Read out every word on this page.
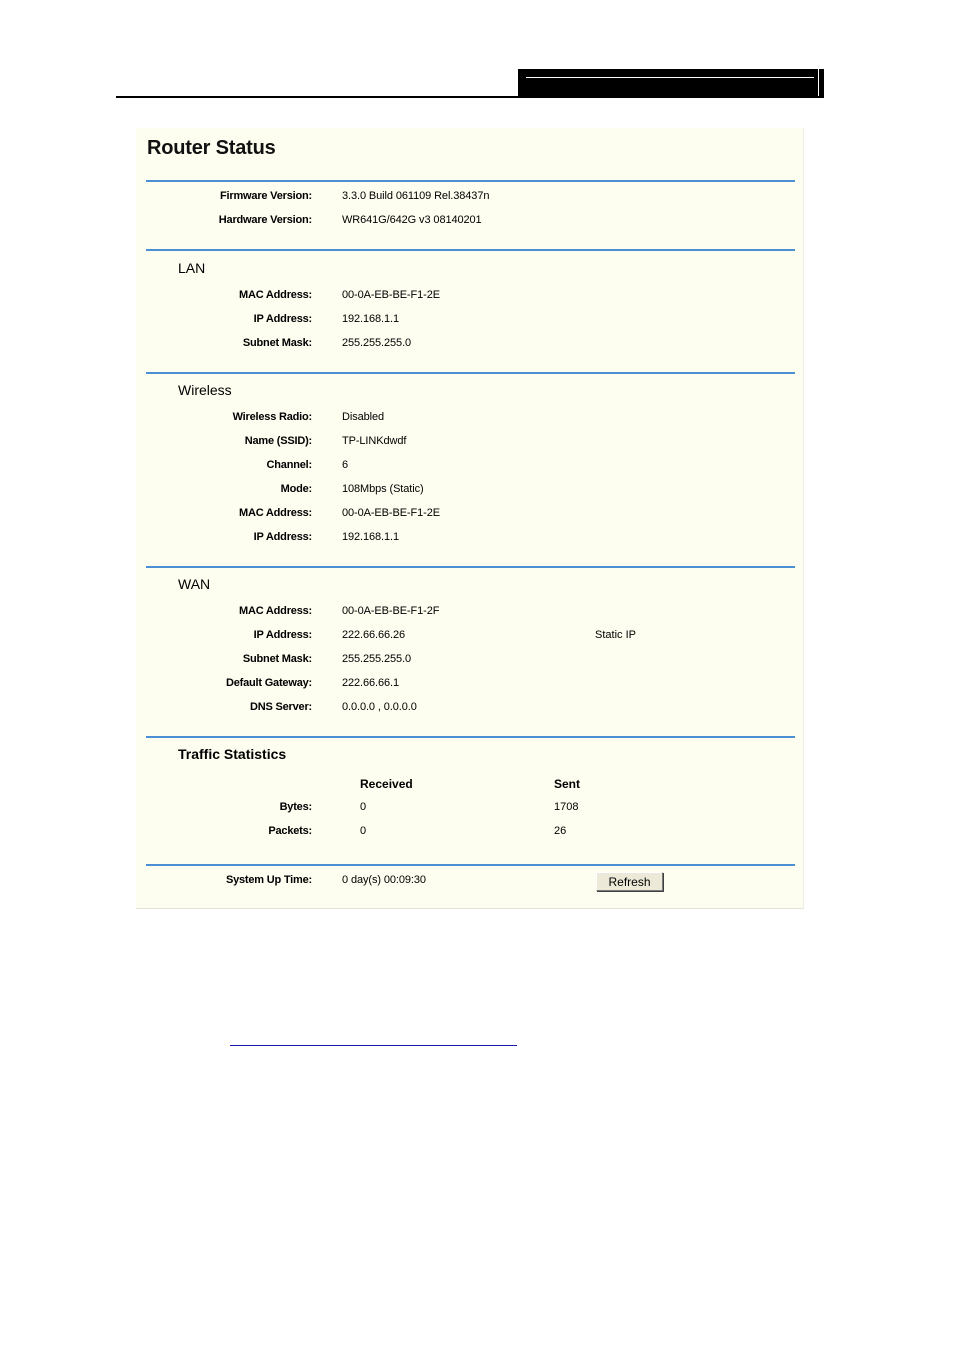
Router Status
Firmware Version:	3.3.0 Build 061109 Rel.38437n
Hardware Version:	WR641G/642G v3 08140201
LAN
MAC Address:	00-0A-EB-BE-F1-2E
IP Address:	192.168.1.1
Subnet Mask:	255.255.255.0
Wireless
Wireless Radio:	Disabled
Name (SSID):	TP-LINKdwdf
Channel:	6
Mode:	108Mbps (Static)
MAC Address:	00-0A-EB-BE-F1-2E
IP Address:	192.168.1.1
WAN
MAC Address:	00-0A-EB-BE-F1-2F
IP Address:	222.66.66.26	Static IP
Subnet Mask:	255.255.255.0
Default Gateway:	222.66.66.1
DNS Server:	0.0.0.0 , 0.0.0.0
Traffic Statistics
Received	Sent
Bytes:	0	1708
Packets:	0	26
System Up Time:	0 day(s) 00:09:30	Refresh
